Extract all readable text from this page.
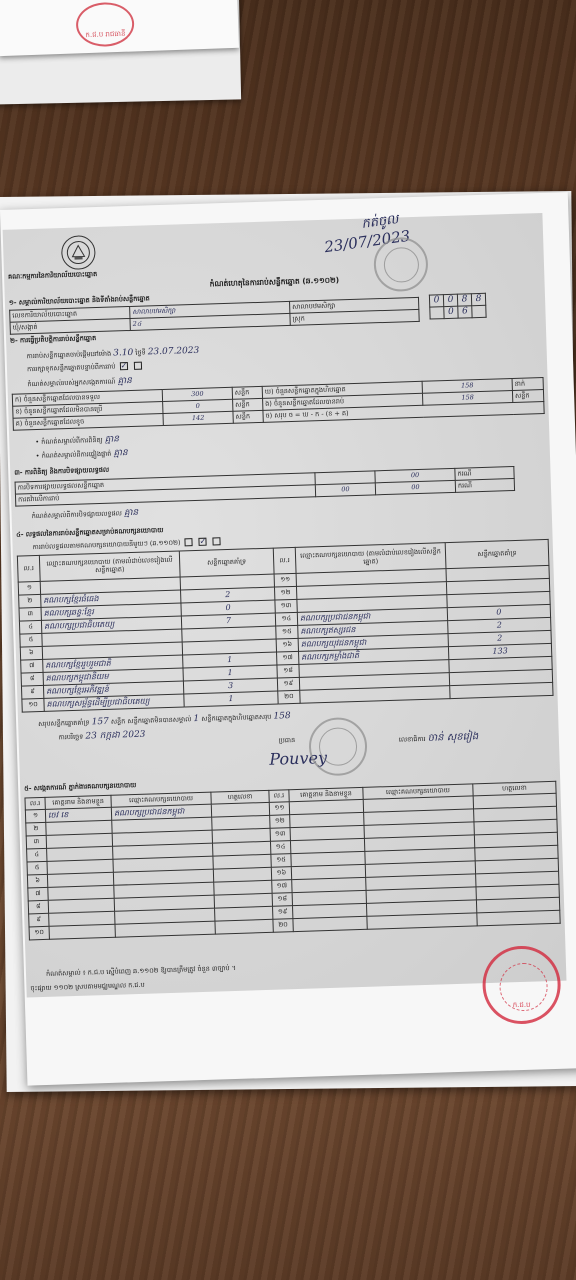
ក.ជ.ប រាជធានី
គណៈកម្មការនៃការិយាល័យបោះឆ្នោត
កត់ចូល
23/07/2023
កំណត់ហេតុនៃការរាប់សន្លឹកឆ្នោត (ឆ.១១០២)
១- សម្គាល់ការិយាល័យបោះឆ្នោត និងទីតាំងរាប់សន្លឹកឆ្នោត
លេខការិយាល័យបោះឆ្នោត	សាលាបឋមសិក្សា	សាលាបឋមសិក្សា
ឃុំ/សង្កាត់	2៤	ស្រុក
0	0	8	8
	0	6	
២- ការធ្វើប្រតិបត្តិការរាប់សន្លឹកឆ្នោត
ការរាប់សន្លឹកឆ្នោតចាប់ផ្ដើមនៅម៉ោង 3.10 ថ្ងៃទី 23.07.2023
ការរក្សាទុកសន្លឹកឆ្នោតបន្ទាប់ពីការរាប់ ✓
កំណត់សម្គាល់របស់អ្នកសង្កេតការណ៍ គ្មាន
ក) ចំនួនសន្លឹកឆ្នោតដែលបានទទួល	300	សន្លឹក	ឃ) ចំនួនសន្លឹកឆ្នោតក្នុងហិបឆ្នោត	158	នាក់
ខ) ចំនួនសន្លឹកឆ្នោតដែលមិនបានប្រើ	0	សន្លឹក	ង) ចំនួនសន្លឹកឆ្នោតដែលបានរាប់	158	សន្លឹក
គ) ចំនួនសន្លឹកឆ្នោតដែលខូច	142	សន្លឹក	ច) សរុប ច = ឃ - ក - (ខ + គ)		
• កំណត់សម្គាល់ពីការពិនិត្យ គ្មាន
• កំណត់សម្គាល់ពីការផ្ទៀងផ្ទាត់ គ្មាន
៣- ការពិនិត្យ និងការបិទផ្សាយលទ្ធផល
ការបិទការផ្សាយលទ្ធផលសន្លឹកឆ្នោត		00	ករណី
ការតវ៉ាលើការរាប់	00	00	ករណី
កំណត់សម្គាល់ពីការបិទផ្សាយលទ្ធផល គ្មាន
៤- លទ្ធផលនៃការរាប់សន្លឹកឆ្នោតសម្រាប់គណបក្សនយោបាយ
ការរាប់លទ្ធផលតាមគណបក្សនយោបាយនីមួយៗ (ឆ.១១០២) ✓
ល.រ	ឈ្មោះគណបក្សនយោបាយ (តាមលំដាប់លេខរៀងលើសន្លឹកឆ្នោត)	សន្លឹកឆ្នោតគាំទ្រ	ល.រ	ឈ្មោះគណបក្សនយោបាយ (តាមលំដាប់លេខរៀងលើសន្លឹកឆ្នោត)	សន្លឹកឆ្នោតគាំទ្រ
១			១១		
២	គណបក្សខ្មែរធំធេង	2	១២		
៣	គណបក្សឆន្ទៈខ្មែរ	0	១៣		
៤	គណបក្សប្រជាធិបតេយ្យ	7	១៤	គណបក្សប្រជាជនកម្ពុជា	0
៥			១៥	គណបក្សឥស្សរជន	2
៦			១៦	គណបក្សយុវជនកម្ពុជា	2
៧	គណបក្សខ្មែររួបរួមជាតិ	1	១៧	គណបក្សកម្លាំងជាតិ	133
៨	គណបក្សកម្ពុជានិយម	1	១៨		
៩	គណបក្សខ្មែរអភិវឌ្ឍន៍	3	១៩		
១០	គណបក្សសម្ព័ន្ធដើម្បីប្រជាធិបតេយ្យ	1	២០		
សរុបសន្លឹកឆ្នោតគាំទ្រ 157 សន្លឹក សន្លឹកឆ្នោតមិនបានសម្គាល់ 1 សន្លឹកឆ្នោតក្នុងហិបឆ្នោតសរុប 158
ការបរិច្ឆេទ 23 កក្កដា 2023	ប្រធាន
Pouvey
លេខាធិការ ចាន់ សុខរៀង
៥- សង្កេតការណ៍ ភ្នាក់ងារគណបក្សនយោបាយ
ល.រ	គោត្តនាម និងនាមខ្លួន	ឈ្មោះគណបក្សនយោបាយ	ហត្ថលេខា	ល.រ	គោត្តនាម និងនាមខ្លួន	ឈ្មោះគណបក្សនយោបាយ	ហត្ថលេខា
១	ចេវ ខេ	គណបក្សប្រជាជនកម្ពុជា		១១			
២				១២			
៣				១៣			
៤				១៤			
៥				១៥			
៦				១៦			
៧				១៧			
៨				១៨			
៩				១៩			
១០				២០			
កំណត់សម្គាល់ ៖ ក.ជ.ប ស្នើបំពេញ ឆ.១១០២ ឱ្យបានត្រឹមត្រូវ ចំនួន ៣ច្បាប់ ។
ចុះផ្សាយ ១១០២ ស្របតាមមជ្ឈមណ្ឌល ក.ជ.ប
ក.ជ.ប
